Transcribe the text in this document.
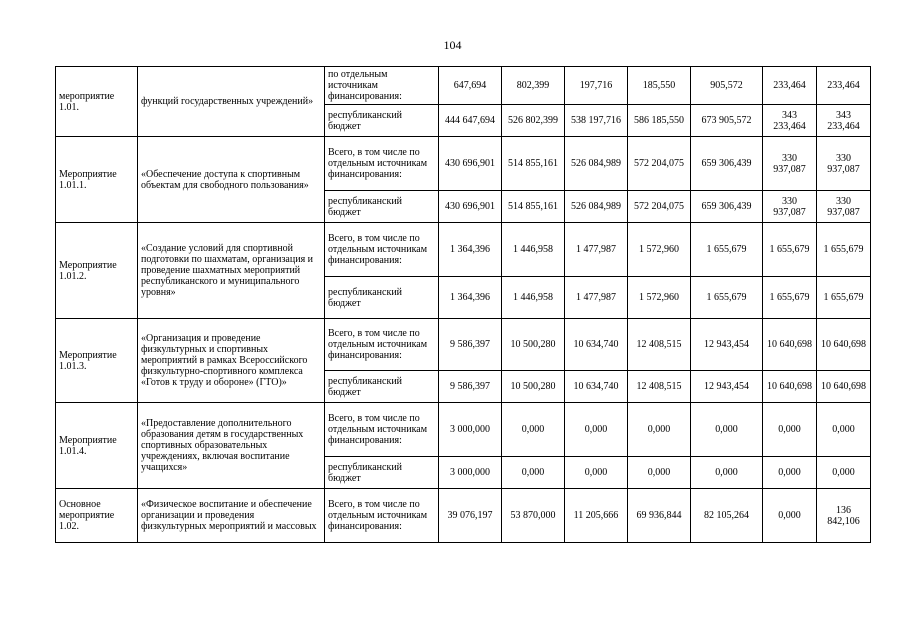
104
мероприятие 1.01.	функций государственных учреждений»	по отдельным источникам финансирования:	647,694	802,399	197,716	185,550	905,572	233,464	233,464
		республиканский бюджет	444 647,694	526 802,399	538 197,716	586 185,550	673 905,572	343 233,464	343 233,464
Мероприятие 1.01.1.	«Обеспечение доступа к спортивным объектам для свободного пользования»	Всего, в том числе по отдельным источникам финансирования:	430 696,901	514 855,161	526 084,989	572 204,075	659 306,439	330 937,087	330 937,087
		республиканский бюджет	430 696,901	514 855,161	526 084,989	572 204,075	659 306,439	330 937,087	330 937,087
Мероприятие 1.01.2.	«Создание условий для спортивной подготовки по шахматам, организация и проведение шахматных мероприятий республиканского и муниципального уровня»	Всего, в том числе по отдельным источникам финансирования:	1 364,396	1 446,958	1 477,987	1 572,960	1 655,679	1 655,679	1 655,679
		республиканский бюджет	1 364,396	1 446,958	1 477,987	1 572,960	1 655,679	1 655,679	1 655,679
Мероприятие 1.01.3.	«Организация и проведение физкультурных и спортивных мероприятий в рамках Всероссийского физкультурно-спортивного комплекса «Готов к труду и обороне» (ГТО)»	Всего, в том числе по отдельным источникам финансирования:	9 586,397	10 500,280	10 634,740	12 408,515	12 943,454	10 640,698	10 640,698
		республиканский бюджет	9 586,397	10 500,280	10 634,740	12 408,515	12 943,454	10 640,698	10 640,698
Мероприятие 1.01.4.	«Предоставление дополнительного образования детям в государственных спортивных образовательных учреждениях, включая воспитание учащихся»	Всего, в том числе по отдельным источникам финансирования:	3 000,000	0,000	0,000	0,000	0,000	0,000	0,000
		республиканский бюджет	3 000,000	0,000	0,000	0,000	0,000	0,000	0,000
Основное мероприятие 1.02.	«Физическое воспитание и обеспечение организации и проведения физкультурных мероприятий и массовых	Всего, в том числе по отдельным источникам финансирования:	39 076,197	53 870,000	11 205,666	69 936,844	82 105,264	0,000	136 842,106
